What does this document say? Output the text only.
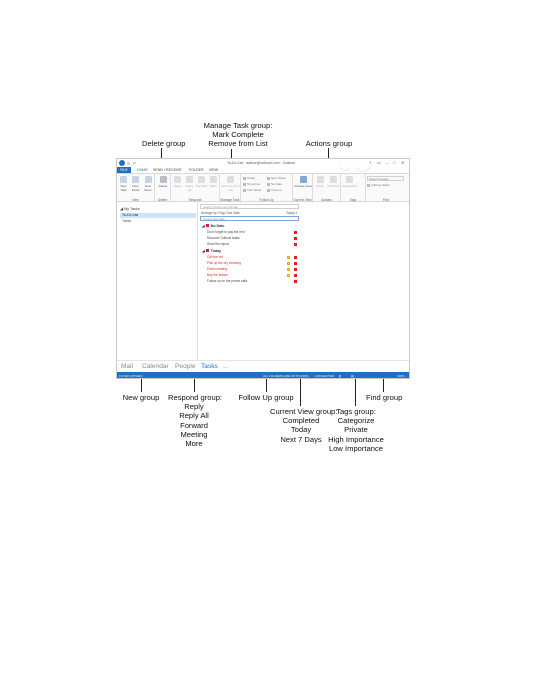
Manage Task group:
Mark Complete
Remove from List
Delete group	Actions group
New group Respond group:
Reply
Reply All
Forward
Meeting
More
Follow Up group
Current View group:
Completed
Today
Next 7 Days
Tags group:
Categorize
Private
High Importance
Low Importance
Find group
⟳ ↶	To-Do List - author@outlook.com - Outlook	? ▭ – □ ✕
FILE	HOME SEND / RECEIVE FOLDER VIEW
New Task
New Email
New Items
New
Delete
Delete
Reply	Reply All
Forward	More
Respond
Remove from List
Manage Task
Today
Tomorrow
This Week
Next Week
No Date
Custom
Follow Up
Change View
Current View
Move	OneNote
Actions
Categorize
Tags
Search People
Address Book
Find
◢ My Tasks
To-Do List
Tasks
Search To-Do List (Ctrl+E)
Arrange by: Flag: Due Date	Today ▾
Type a new task
◢ No Date
Don't forget to pay the rent
Discover Outlook tasks
Send the report
◢ Today
Call the vet
Pick up the dry cleaning
Finish reading
Buy the tickets
Follow up on the phone calls
Mail Calendar People Tasks ...
FILTER APPLIED	ALL FOLDERS ARE UP TO DATE CONNECTED ▮	▤	100%
